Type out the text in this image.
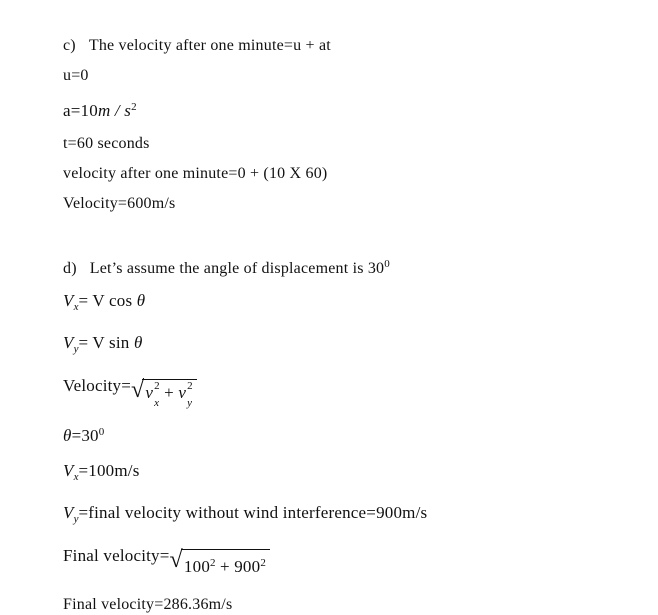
c) The velocity after one minute=u + at

u=0

$a=10m / s^2$

t=60 seconds

velocity after one minute=0 + (10 X 60)

Velocity=600m/s

d) Let’s assume the angle of displacement is $30^0$

$V_x= V$ cos θ

$V_y= V$ sin θ

Velocity= √ v 2
x
+ v 2
y

$\theta=30^0$

$V_x=100m/s$

$V_y=final$ velocity without wind interference=900m/s

Final velocity= √ $100^2 + 900^2$

Final velocity=286.36m/s
